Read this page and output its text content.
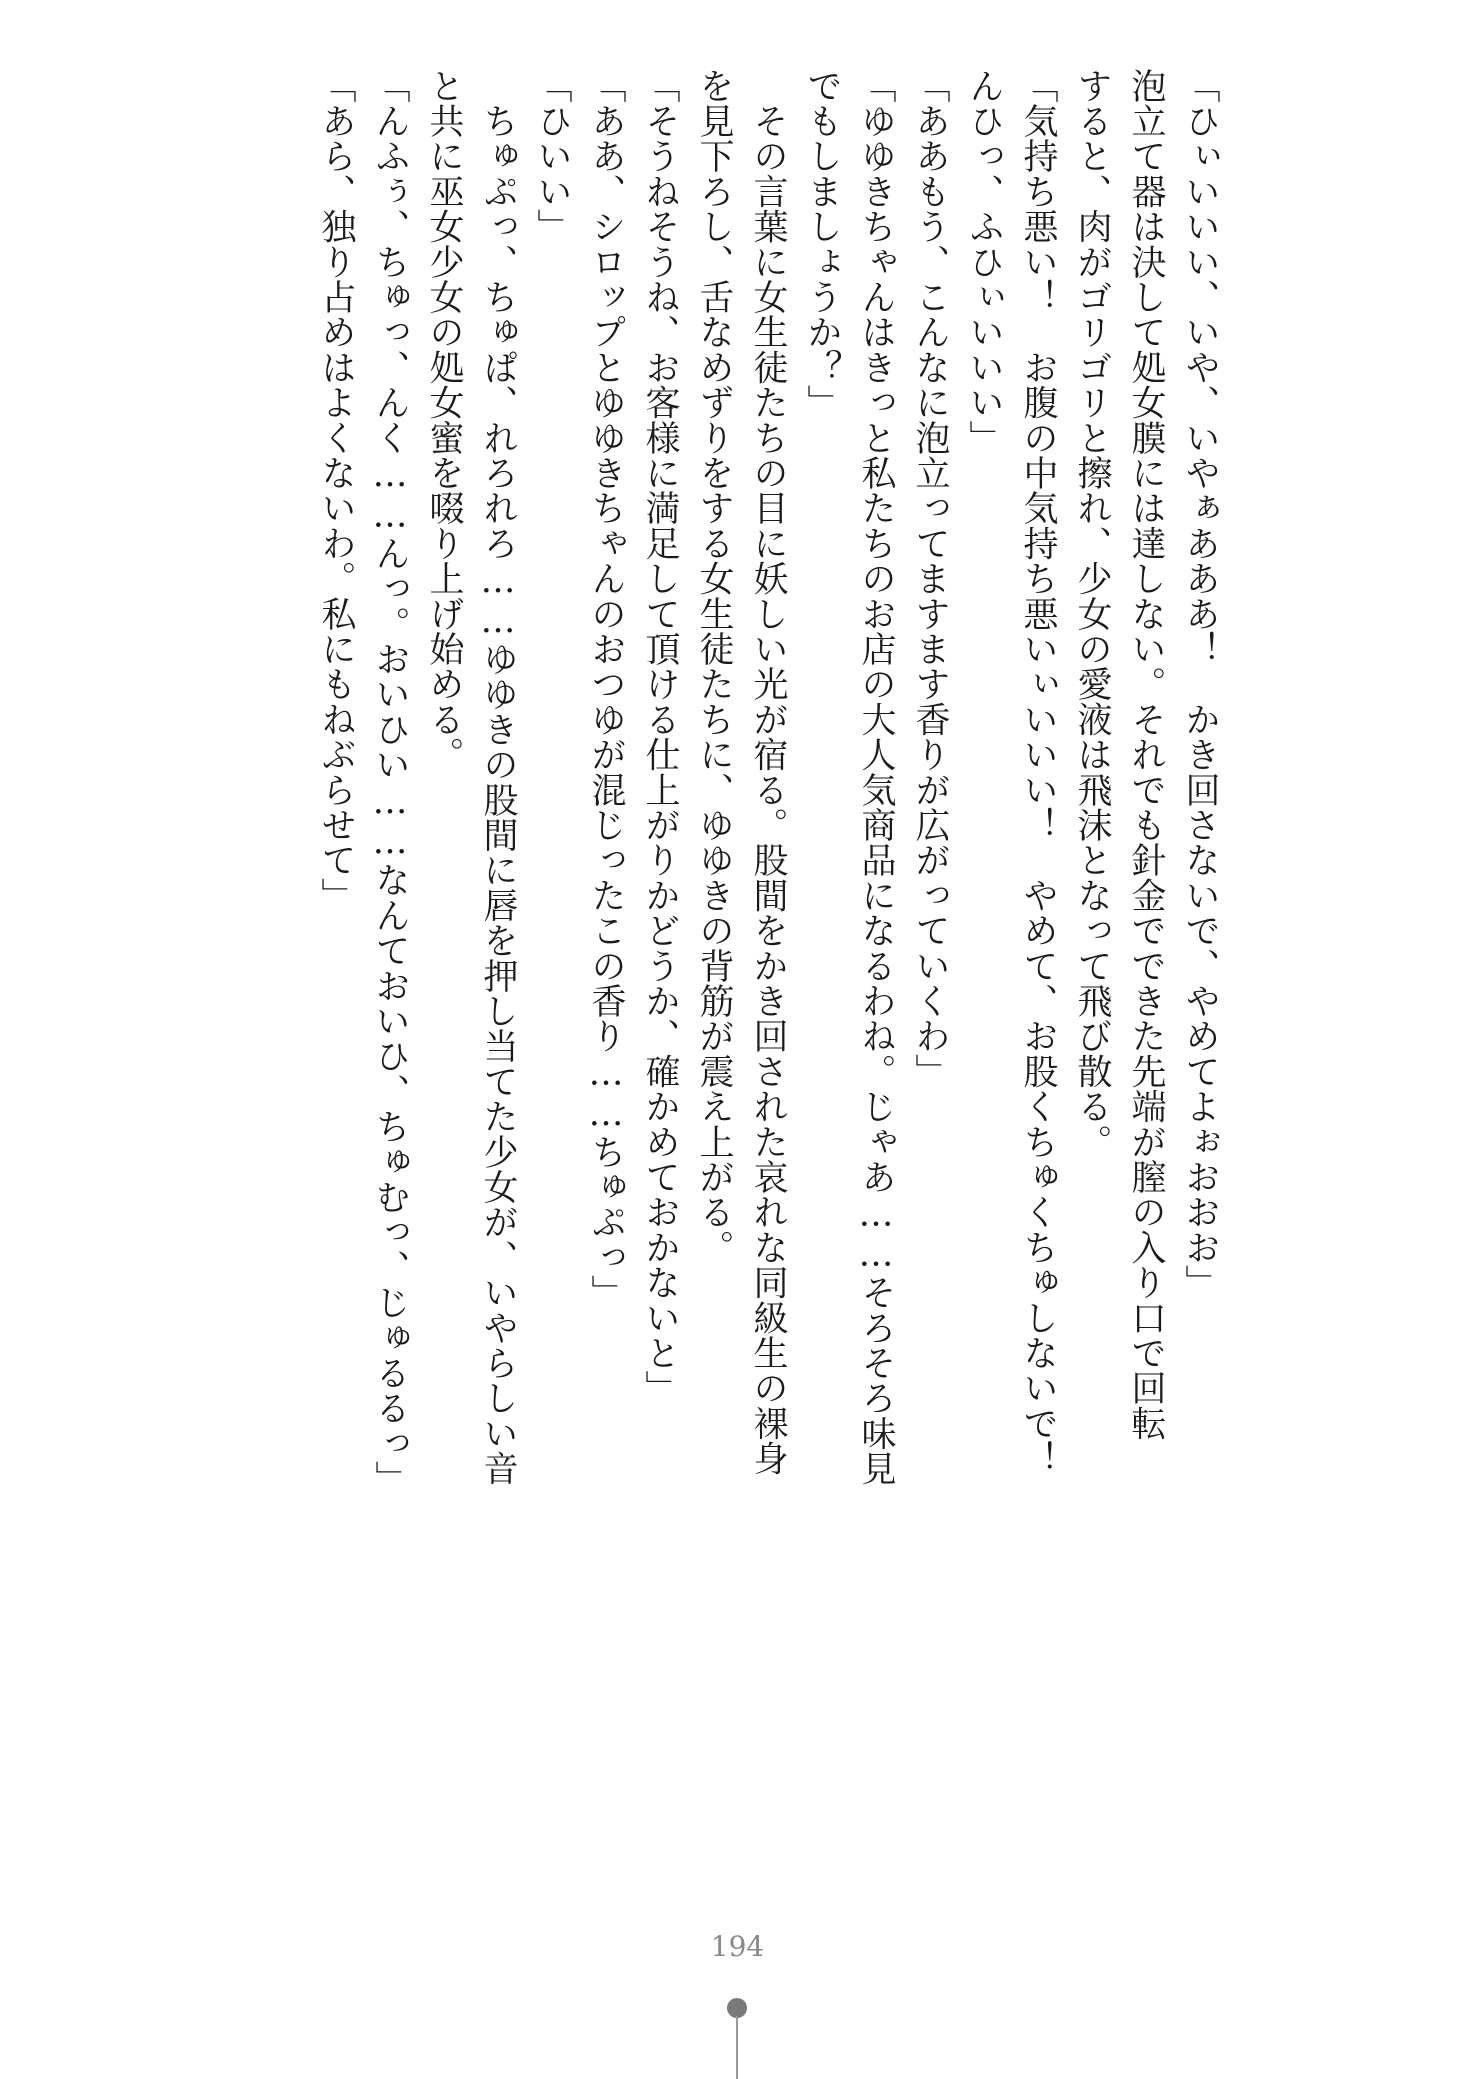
「ひぃいいい、いや、いやぁあああ！　かき回さないで、やめてよぉおおお」
泡立て器は決して処女膜には達しない。それでも針金でできた先端が膣の入り口で回転
すると、肉がゴリゴリと擦れ、少女の愛液は飛沫となって飛び散る。
「気持ち悪い！　お腹の中気持ち悪いぃいいい！　やめて、お股くちゅくちゅしないで！
んひっ、ふひぃいいい」
「ああもう、こんなに泡立ってますます香りが広がっていくわ」
「ゆゆきちゃんはきっと私たちのお店の大人気商品になるわね。じゃあ……そろそろ味見
でもしましょうか？」
　その言葉に女生徒たちの目に妖しい光が宿る。股間をかき回された哀れな同級生の裸身
を見下ろし、舌なめずりをする女生徒たちに、ゆゆきの背筋が震え上がる。
「そうねそうね、お客様に満足して頂ける仕上がりかどうか、確かめておかないと」
「ああ、シロップとゆゆきちゃんのおつゆが混じったこの香り……ちゅぷっ」
「ひいい」
　ちゅぷっ、ちゅぱ、れろれろ……ゆゆきの股間に唇を押し当てた少女が、いやらしい音
と共に巫女少女の処女蜜を啜り上げ始める。
「んふぅ、ちゅっ、んく……んっ。おいひい……なんておいひ、ちゅむっ、じゅるるっ」
「あら、独り占めはよくないわ。私にもねぶらせて」
194
